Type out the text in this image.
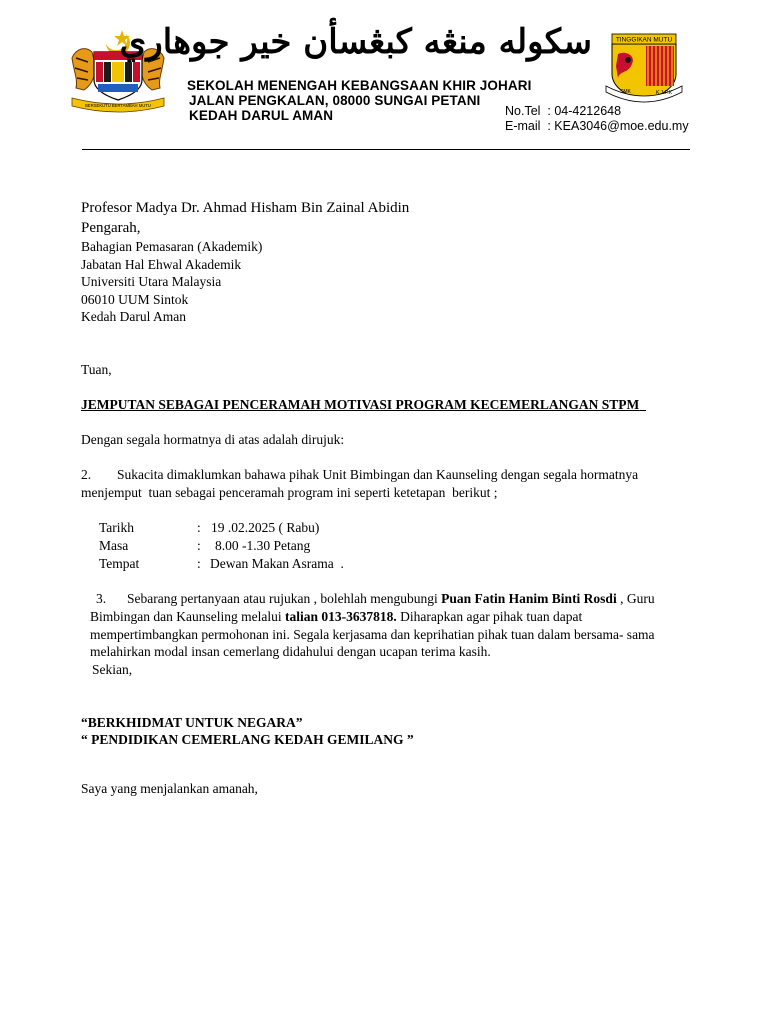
BERSEKUTU BERTAMBAH MUTU
سكوله منڠه كبڠسأن خير جوهاري	TINGGIKAN MUTU
SMK	K.J.P.K
SEKOLAH MENENGAH KEBANGSAAN KHIR JOHARI
JALAN PENGKALAN, 08000 SUNGAI PETANI
KEDAH DARUL AMAN	No.Tel  : 04-4212648
E-mail  : KEA3046@moe.edu.my
Profesor Madya Dr. Ahmad Hisham Bin Zainal Abidin
Pengarah,
Bahagian Pemasaran (Akademik)
Jabatan Hal Ehwal Akademik
Universiti Utara Malaysia
06010 UUM Sintok
Kedah Darul Aman
Tuan,
JEMPUTAN SEBAGAI PENCERAMAH MOTIVASI PROGRAM KECEMERLANGAN STPM
Dengan segala hormatnya di atas adalah dirujuk:
2. Sukacita dimaklumkan bahawa pihak Unit Bimbingan dan Kaunseling dengan segala hormatnya
menjemput  tuan sebagai penceramah program ini seperti ketetapan  berikut ;
Tarikh	: 19 .02.2025 ( Rabu)
Masa	: 8.00 -1.30 Petang
Tempat	: Dewan Makan Asrama  .
3. Sebarang pertanyaan atau rujukan , bolehlah mengubungi Puan Fatin Hanim Binti Rosdi , Guru
Bimbingan dan Kaunseling melalui talian 013-3637818. Diharapkan agar pihak tuan dapat
mempertimbangkan permohonan ini. Segala kerjasama dan keprihatian pihak tuan dalam bersama- sama
melahirkan modal insan cemerlang didahului dengan ucapan terima kasih.
Sekian,
“BERKHIDMAT UNTUK NEGARA”
“ PENDIDIKAN CEMERLANG KEDAH GEMILANG ”
Saya yang menjalankan amanah,
